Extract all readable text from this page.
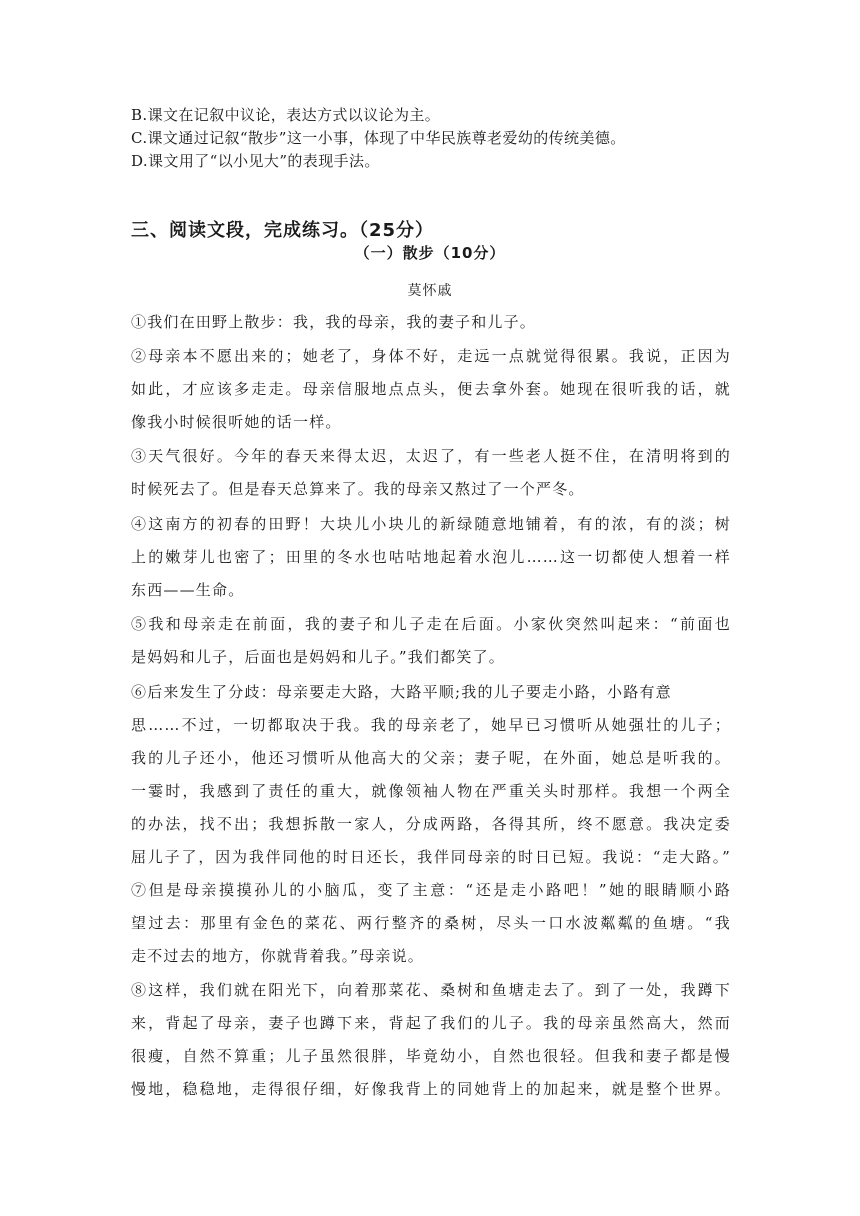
B.课文在记叙中议论，表达方式以议论为主。
C.课文通过记叙“散步”这一小事，体现了中华民族尊老爱幼的传统美德。
D.课文用了“以小见大”的表现手法。
三、阅读文段，完成练习。（25分）
（一）散步（10分）
莫怀戚
①我们在田野上散步：我，我的母亲，我的妻子和儿子。
②母亲本不愿出来的；她老了，身体不好，走远一点就觉得很累。我说，正因为
如此，才应该多走走。母亲信服地点点头，便去拿外套。她现在很听我的话，就
像我小时候很听她的话一样。
③天气很好。今年的春天来得太迟，太迟了，有一些老人挺不住，在清明将到的
时候死去了。但是春天总算来了。我的母亲又熬过了一个严冬。
④这南方的初春的田野！大块儿小块儿的新绿随意地铺着，有的浓，有的淡；树
上的嫩芽儿也密了；田里的冬水也咕咕地起着水泡儿……这一切都使人想着一样
东西——生命。
⑤我和母亲走在前面，我的妻子和儿子走在后面。小家伙突然叫起来：“前面也
是妈妈和儿子，后面也是妈妈和儿子。”我们都笑了。
⑥后来发生了分歧：母亲要走大路，大路平顺;我的儿子要走小路，小路有意
思……不过，一切都取决于我。我的母亲老了，她早已习惯听从她强壮的儿子；
我的儿子还小，他还习惯听从他高大的父亲；妻子呢，在外面，她总是听我的。
一霎时，我感到了责任的重大，就像领袖人物在严重关头时那样。我想一个两全
的办法，找不出；我想拆散一家人，分成两路，各得其所，终不愿意。我决定委
屈儿子了，因为我伴同他的时日还长，我伴同母亲的时日已短。我说：“走大路。”
⑦但是母亲摸摸孙儿的小脑瓜，变了主意：“还是走小路吧！”她的眼睛顺小路
望过去：那里有金色的菜花、两行整齐的桑树，尽头一口水波粼粼的鱼塘。“我
走不过去的地方，你就背着我。”母亲说。
⑧这样，我们就在阳光下，向着那菜花、桑树和鱼塘走去了。到了一处，我蹲下
来，背起了母亲，妻子也蹲下来，背起了我们的儿子。我的母亲虽然高大，然而
很瘦，自然不算重；儿子虽然很胖，毕竟幼小，自然也很轻。但我和妻子都是慢
慢地，稳稳地，走得很仔细，好像我背上的同她背上的加起来，就是整个世界。
